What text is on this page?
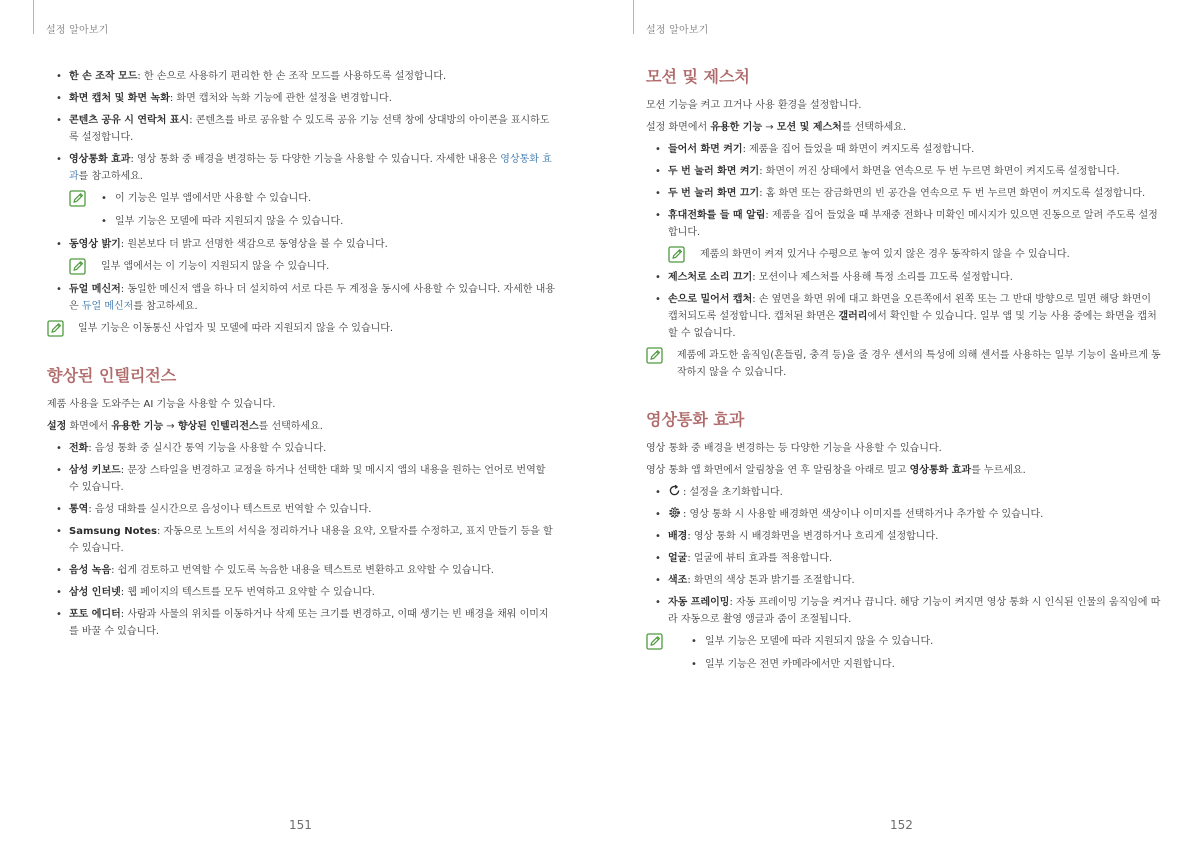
설정 알아보기
• 한 손 조작 모드: 한 손으로 사용하기 편리한 한 손 조작 모드를 사용하도록 설정합니다.
• 화면 캡처 및 화면 녹화: 화면 캡처와 녹화 기능에 관한 설정을 변경합니다.
• 콘텐츠 공유 시 연락처 표시: 콘텐츠를 바로 공유할 수 있도록 공유 기능 선택 창에 상대방의 아이콘을 표시하도록 설정합니다.
• 영상통화 효과: 영상 통화 중 배경을 변경하는 등 다양한 기능을 사용할 수 있습니다. 자세한 내용은 영상통화 효과를 참고하세요.
• 이 기능은 일부 앱에서만 사용할 수 있습니다.
• 일부 기능은 모델에 따라 지원되지 않을 수 있습니다.
• 동영상 밝기: 원본보다 더 밝고 선명한 색감으로 동영상을 볼 수 있습니다.
일부 앱에서는 이 기능이 지원되지 않을 수 있습니다.
• 듀얼 메신저: 동일한 메신저 앱을 하나 더 설치하여 서로 다른 두 계정을 동시에 사용할 수 있습니다. 자세한 내용은 듀얼 메신저를 참고하세요.
일부 기능은 이동통신 사업자 및 모델에 따라 지원되지 않을 수 있습니다.
향상된 인텔리전스

제품 사용을 도와주는 AI 기능을 사용할 수 있습니다.

설정 화면에서 유용한 기능 → 향상된 인텔리전스를 선택하세요.

• 전화: 음성 통화 중 실시간 통역 기능을 사용할 수 있습니다.
• 삼성 키보드: 문장 스타일을 변경하고 교정을 하거나 선택한 대화 및 메시지 앱의 내용을 원하는 언어로 번역할 수 있습니다.
• 통역: 음성 대화를 실시간으로 음성이나 텍스트로 번역할 수 있습니다.
• Samsung Notes: 자동으로 노트의 서식을 정리하거나 내용을 요약, 오탈자를 수정하고, 표지 만들기 등을 할 수 있습니다.
• 음성 녹음: 쉽게 검토하고 번역할 수 있도록 녹음한 내용을 텍스트로 변환하고 요약할 수 있습니다.
• 삼성 인터넷: 웹 페이지의 텍스트를 모두 번역하고 요약할 수 있습니다.
• 포토 에디터: 사람과 사물의 위치를 이동하거나 삭제 또는 크기를 변경하고, 이때 생기는 빈 배경을 채워 이미지를 바꿀 수 있습니다.
151
설정 알아보기
모션 및 제스처

모션 기능을 켜고 끄거나 사용 환경을 설정합니다.

설정 화면에서 유용한 기능 → 모션 및 제스처를 선택하세요.

• 들어서 화면 켜기: 제품을 집어 들었을 때 화면이 켜지도록 설정합니다.
• 두 번 눌러 화면 켜기: 화면이 꺼진 상태에서 화면을 연속으로 두 번 누르면 화면이 켜지도록 설정합니다.
• 두 번 눌러 화면 끄기: 홈 화면 또는 잠금화면의 빈 공간을 연속으로 두 번 누르면 화면이 꺼지도록 설정합니다.
• 휴대전화를 들 때 알림: 제품을 집어 들었을 때 부재중 전화나 미확인 메시지가 있으면 진동으로 알려 주도록 설정합니다.
제품의 화면이 켜져 있거나 수평으로 놓여 있지 않은 경우 동작하지 않을 수 있습니다.
• 제스처로 소리 끄기: 모션이나 제스처를 사용해 특정 소리를 끄도록 설정합니다.
• 손으로 밀어서 캡처: 손 옆면을 화면 위에 대고 화면을 오른쪽에서 왼쪽 또는 그 반대 방향으로 밀면 해당 화면이 캡처되도록 설정합니다. 캡처된 화면은 갤러리에서 확인할 수 있습니다. 일부 앱 및 기능 사용 중에는 화면을 캡처할 수 없습니다.
제품에 과도한 움직임(흔들림, 충격 등)을 줄 경우 센서의 특성에 의해 센서를 사용하는 일부 기능이 올바르게 동작하지 않을 수 있습니다.
영상통화 효과

영상 통화 중 배경을 변경하는 등 다양한 기능을 사용할 수 있습니다.

영상 통화 앱 화면에서 알림창을 연 후 알림창을 아래로 밀고 영상통화 효과를 누르세요.

• : 설정을 초기화합니다.
• : 영상 통화 시 사용할 배경화면 색상이나 이미지를 선택하거나 추가할 수 있습니다.
• 배경: 영상 통화 시 배경화면을 변경하거나 흐리게 설정합니다.
• 얼굴: 얼굴에 뷰티 효과를 적용합니다.
• 색조: 화면의 색상 톤과 밝기를 조절합니다.
• 자동 프레이밍: 자동 프레이밍 기능을 켜거나 끕니다. 해당 기능이 켜지면 영상 통화 시 인식된 인물의 움직임에 따라 자동으로 촬영 앵글과 줌이 조절됩니다.
• 일부 기능은 모델에 따라 지원되지 않을 수 있습니다.
• 일부 기능은 전면 카메라에서만 지원합니다.
152
